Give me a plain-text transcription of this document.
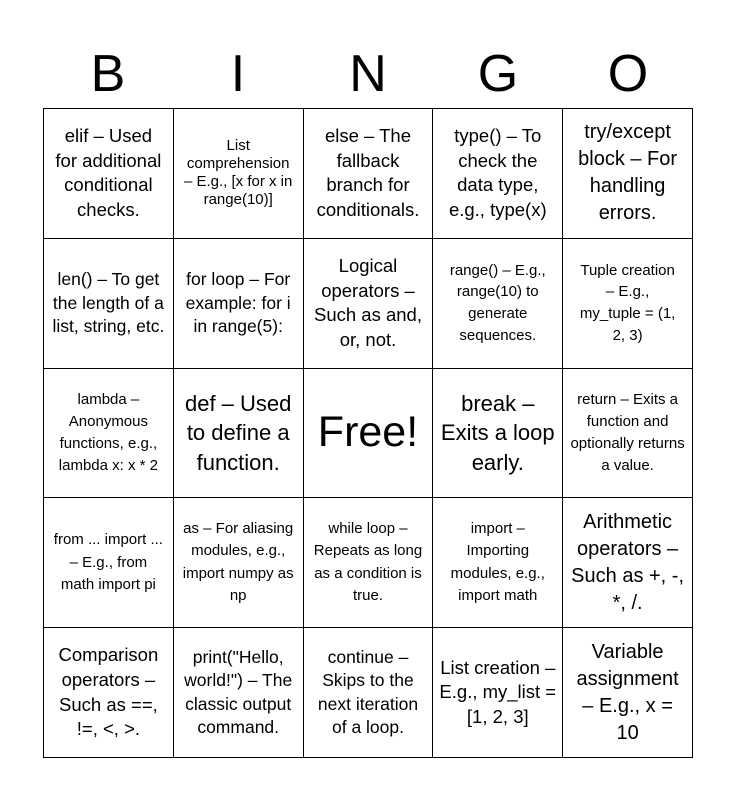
B	I	N	G	O
elif – Used for additional conditional checks.
List comprehension – E.g., [x for x in range(10)]
else – The fallback branch for conditionals.
type() – To check the data type, e.g., type(x)
try/except block – For handling errors.
len() – To get the length of a list, string, etc.
for loop – For example: for i in range(5):
Logical operators – Such as and, or, not.
range() – E.g., range(10) to generate sequences.
Tuple creation – E.g., my_tuple = (1, 2, 3)
lambda – Anonymous functions, e.g., lambda x: x * 2
def – Used to define a function.
Free!
break – Exits a loop early.
return – Exits a function and optionally returns a value.
from ... import ... – E.g., from math import pi
as – For aliasing modules, e.g., import numpy as np
while loop – Repeats as long as a condition is true.
import – Importing modules, e.g., import math
Arithmetic operators – Such as +, -, *, /.
Comparison operators – Such as ==, !=, <, >.
print("Hello, world!") – The classic output command.
continue – Skips to the next iteration of a loop.
List creation – E.g., my_list = [1, 2, 3]
Variable assignment – E.g., x = 10
